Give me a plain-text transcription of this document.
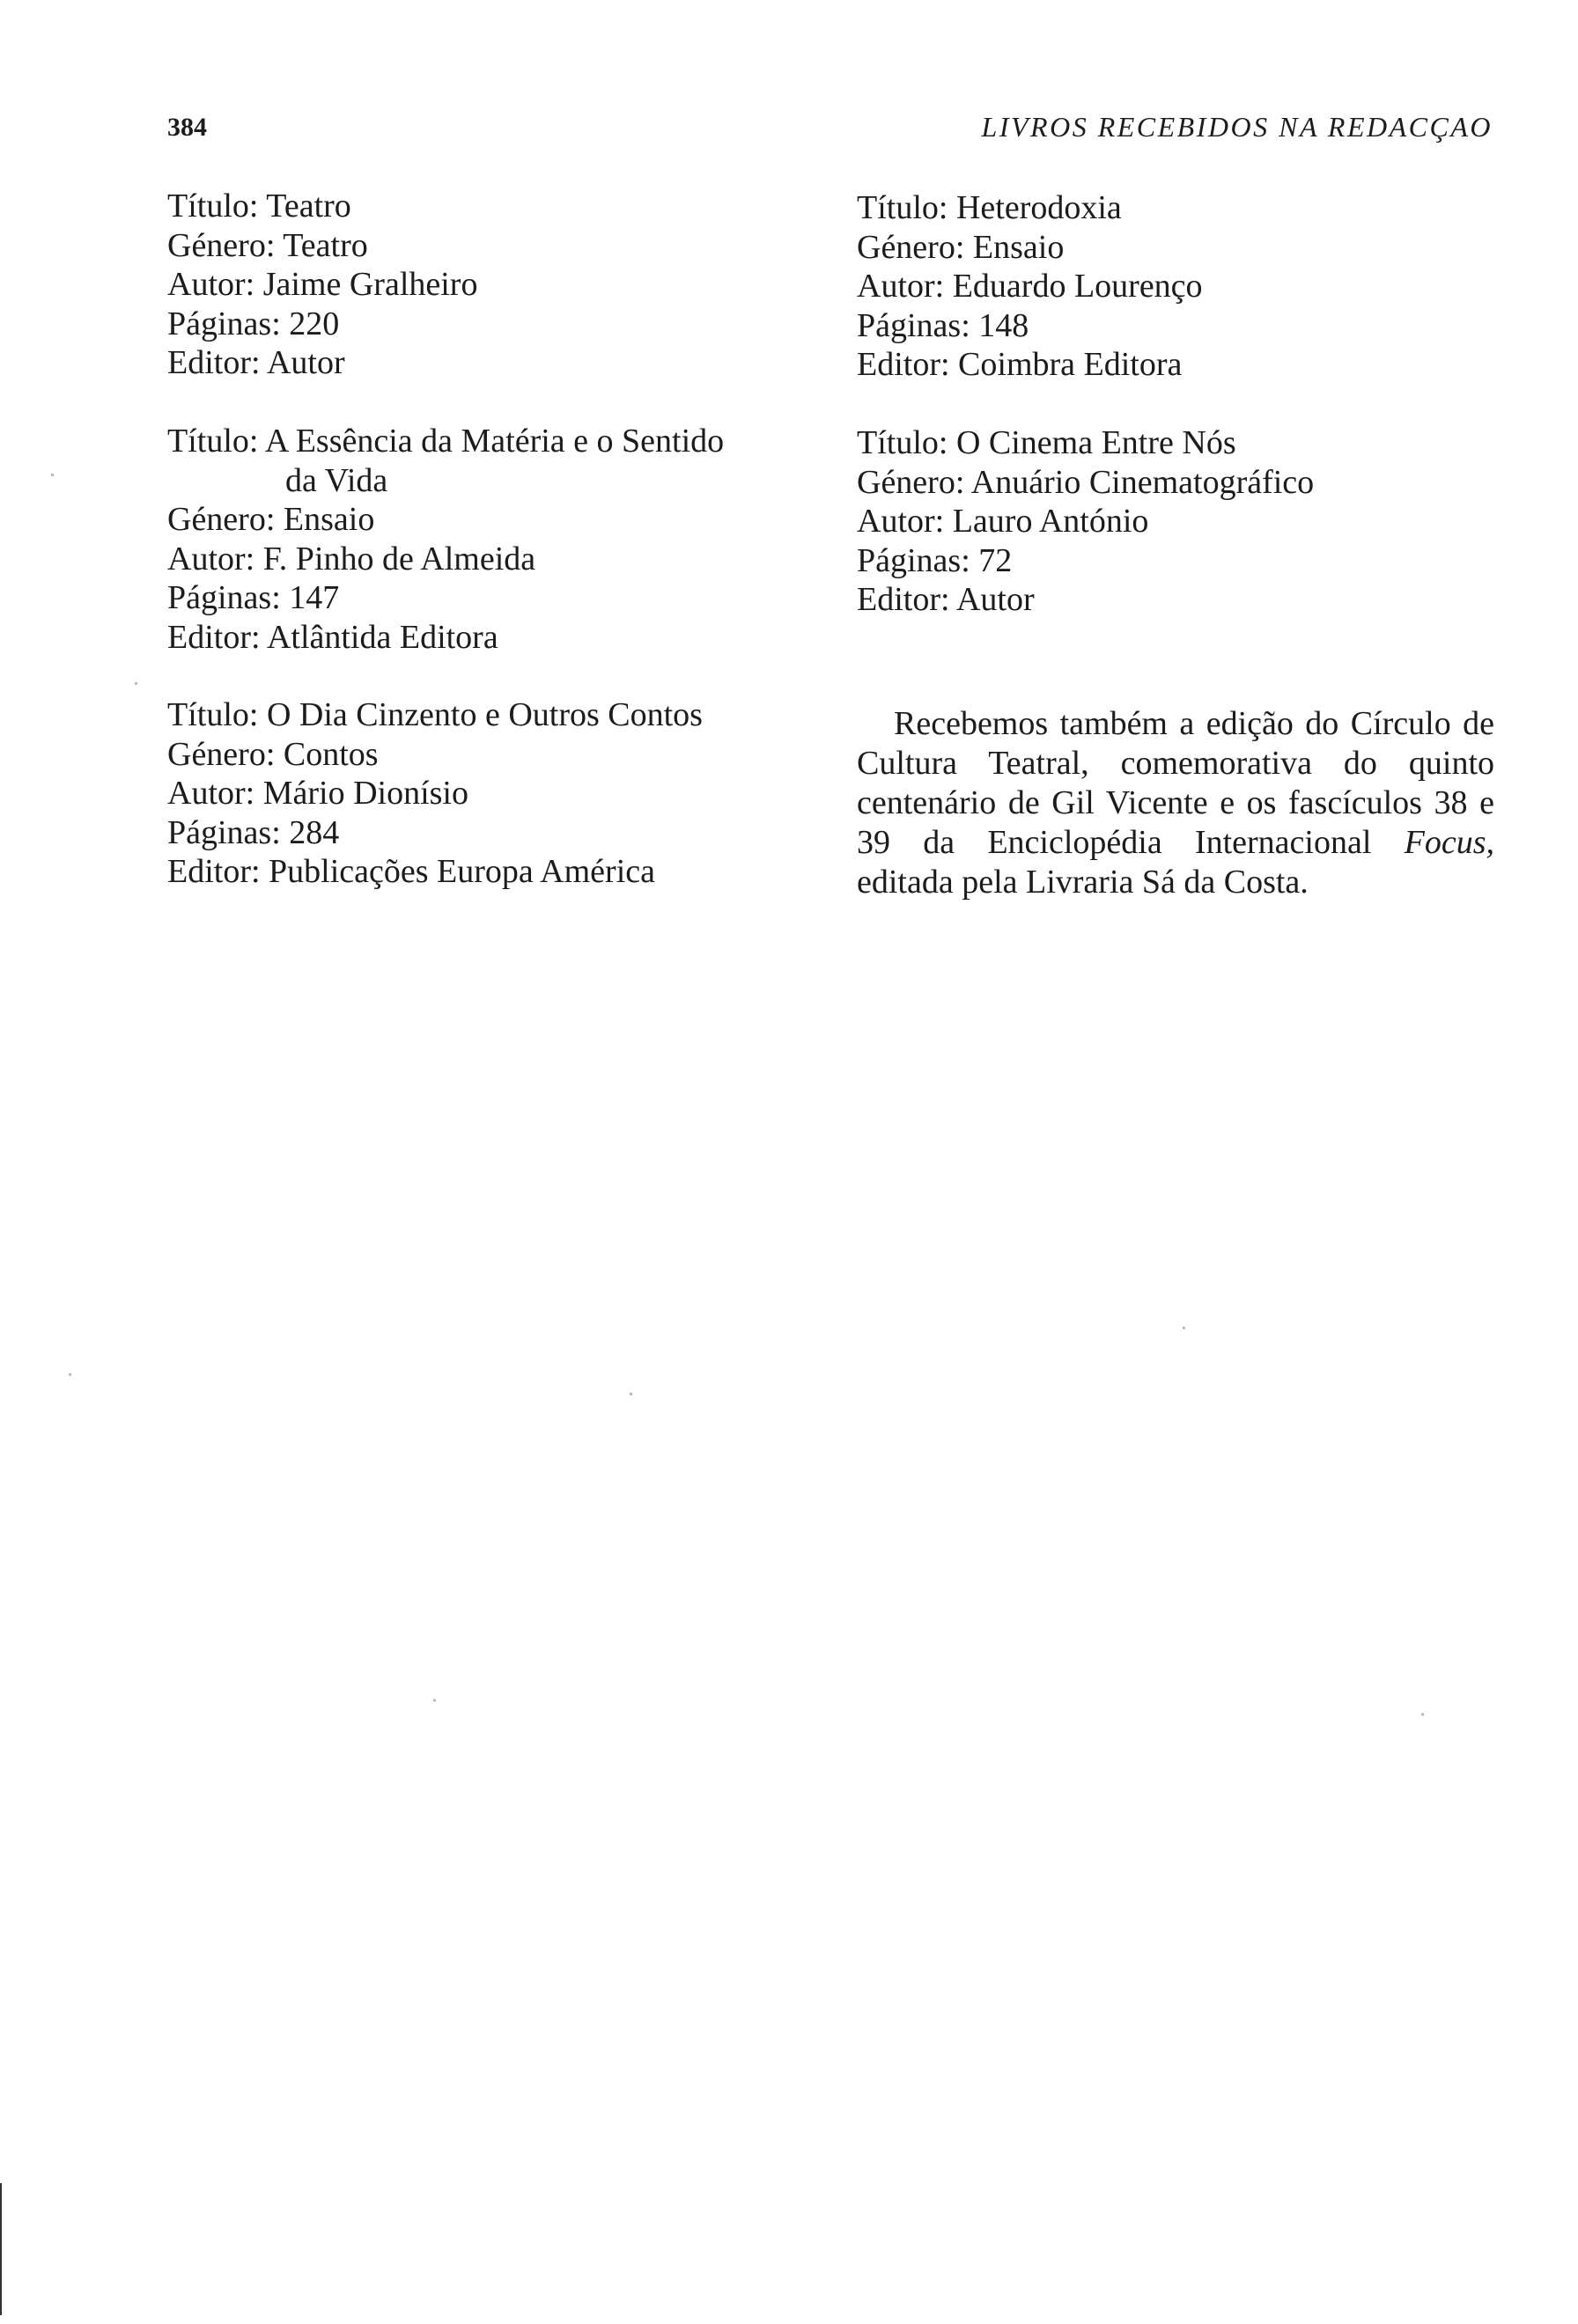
384	LIVROS RECEBIDOS NA REDACÇAO
Título: Teatro
Género: Teatro
Autor: Jaime Gralheiro
Páginas: 220
Editor: Autor
Título: A Essência da Matéria e o Sentido
da Vida
Género: Ensaio
Autor: F. Pinho de Almeida
Páginas: 147
Editor: Atlântida Editora
Título: O Dia Cinzento e Outros Contos
Género: Contos
Autor: Mário Dionísio
Páginas: 284
Editor: Publicações Europa América
Título: Heterodoxia
Género: Ensaio
Autor: Eduardo Lourenço
Páginas: 148
Editor: Coimbra Editora
Título: O Cinema Entre Nós
Género: Anuário Cinematográfico
Autor: Lauro António
Páginas: 72
Editor: Autor
Recebemos também a edição do Círculo de Cultura Teatral, comemorativa do quinto centenário de Gil Vicente e os fascículos 38 e 39 da Enciclopédia Internacional Focus, editada pela Livraria Sá da Costa.
